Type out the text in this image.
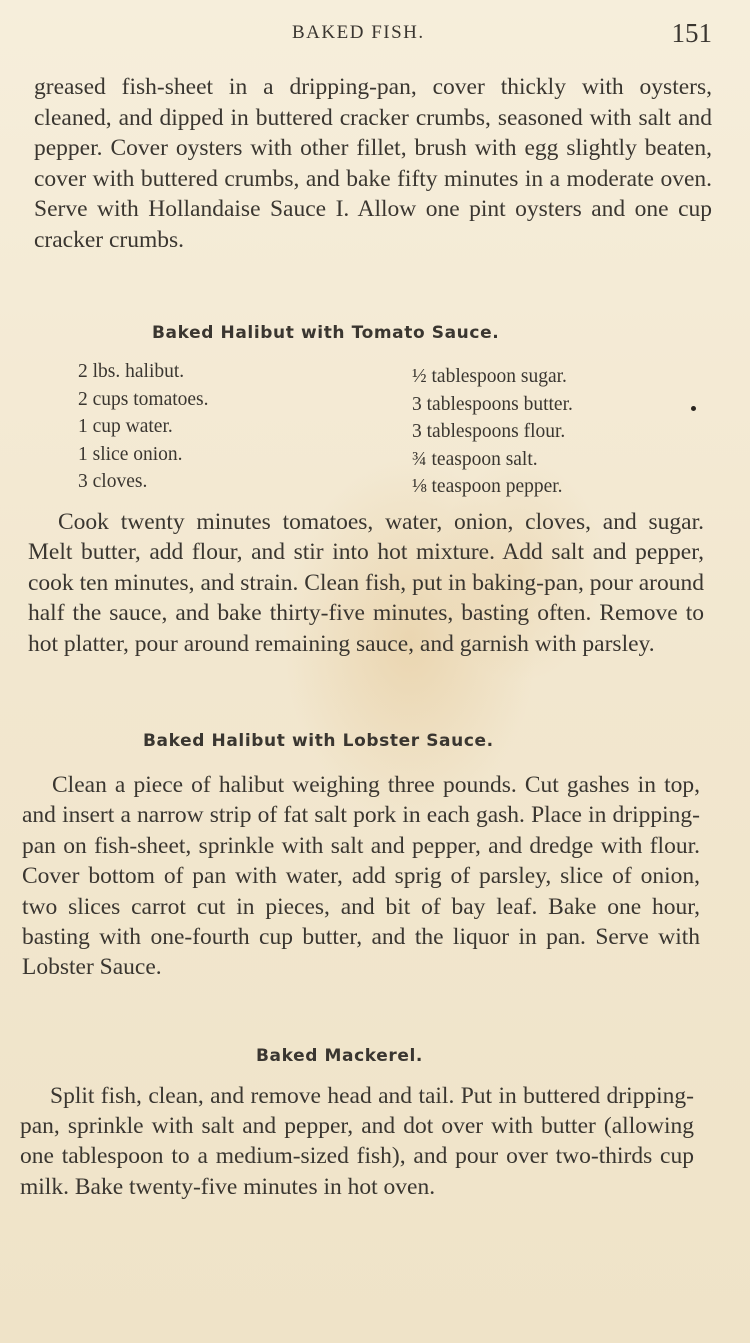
BAKED FISH.	151

greased fish-sheet in a dripping-pan, cover thickly with oysters, cleaned, and dipped in buttered cracker crumbs, seasoned with salt and pepper. Cover oysters with other fillet, brush with egg slightly beaten, cover with buttered crumbs, and bake fifty minutes in a moderate oven. Serve with Hollandaise Sauce I. Allow one pint oysters and one cup cracker crumbs.

Baked Halibut with Tomato Sauce.
2 lbs. halibut.
2 cups tomatoes.
1 cup water.
1 slice onion.
3 cloves.
½ tablespoon sugar.
3 tablespoons butter.
3 tablespoons flour.
¾ teaspoon salt.
⅛ teaspoon pepper.

Cook twenty minutes tomatoes, water, onion, cloves, and sugar. Melt butter, add flour, and stir into hot mixture. Add salt and pepper, cook ten minutes, and strain. Clean fish, put in baking-pan, pour around half the sauce, and bake thirty-five minutes, basting often. Remove to hot platter, pour around remaining sauce, and garnish with parsley.

Baked Halibut with Lobster Sauce.

Clean a piece of halibut weighing three pounds. Cut gashes in top, and insert a narrow strip of fat salt pork in each gash. Place in dripping-pan on fish-sheet, sprinkle with salt and pepper, and dredge with flour. Cover bottom of pan with water, add sprig of parsley, slice of onion, two slices carrot cut in pieces, and bit of bay leaf. Bake one hour, basting with one-fourth cup butter, and the liquor in pan. Serve with Lobster Sauce.

Baked Mackerel.

Split fish, clean, and remove head and tail. Put in buttered dripping-pan, sprinkle with salt and pepper, and dot over with butter (allowing one tablespoon to a medium-sized fish), and pour over two-thirds cup milk. Bake twenty-five minutes in hot oven.
